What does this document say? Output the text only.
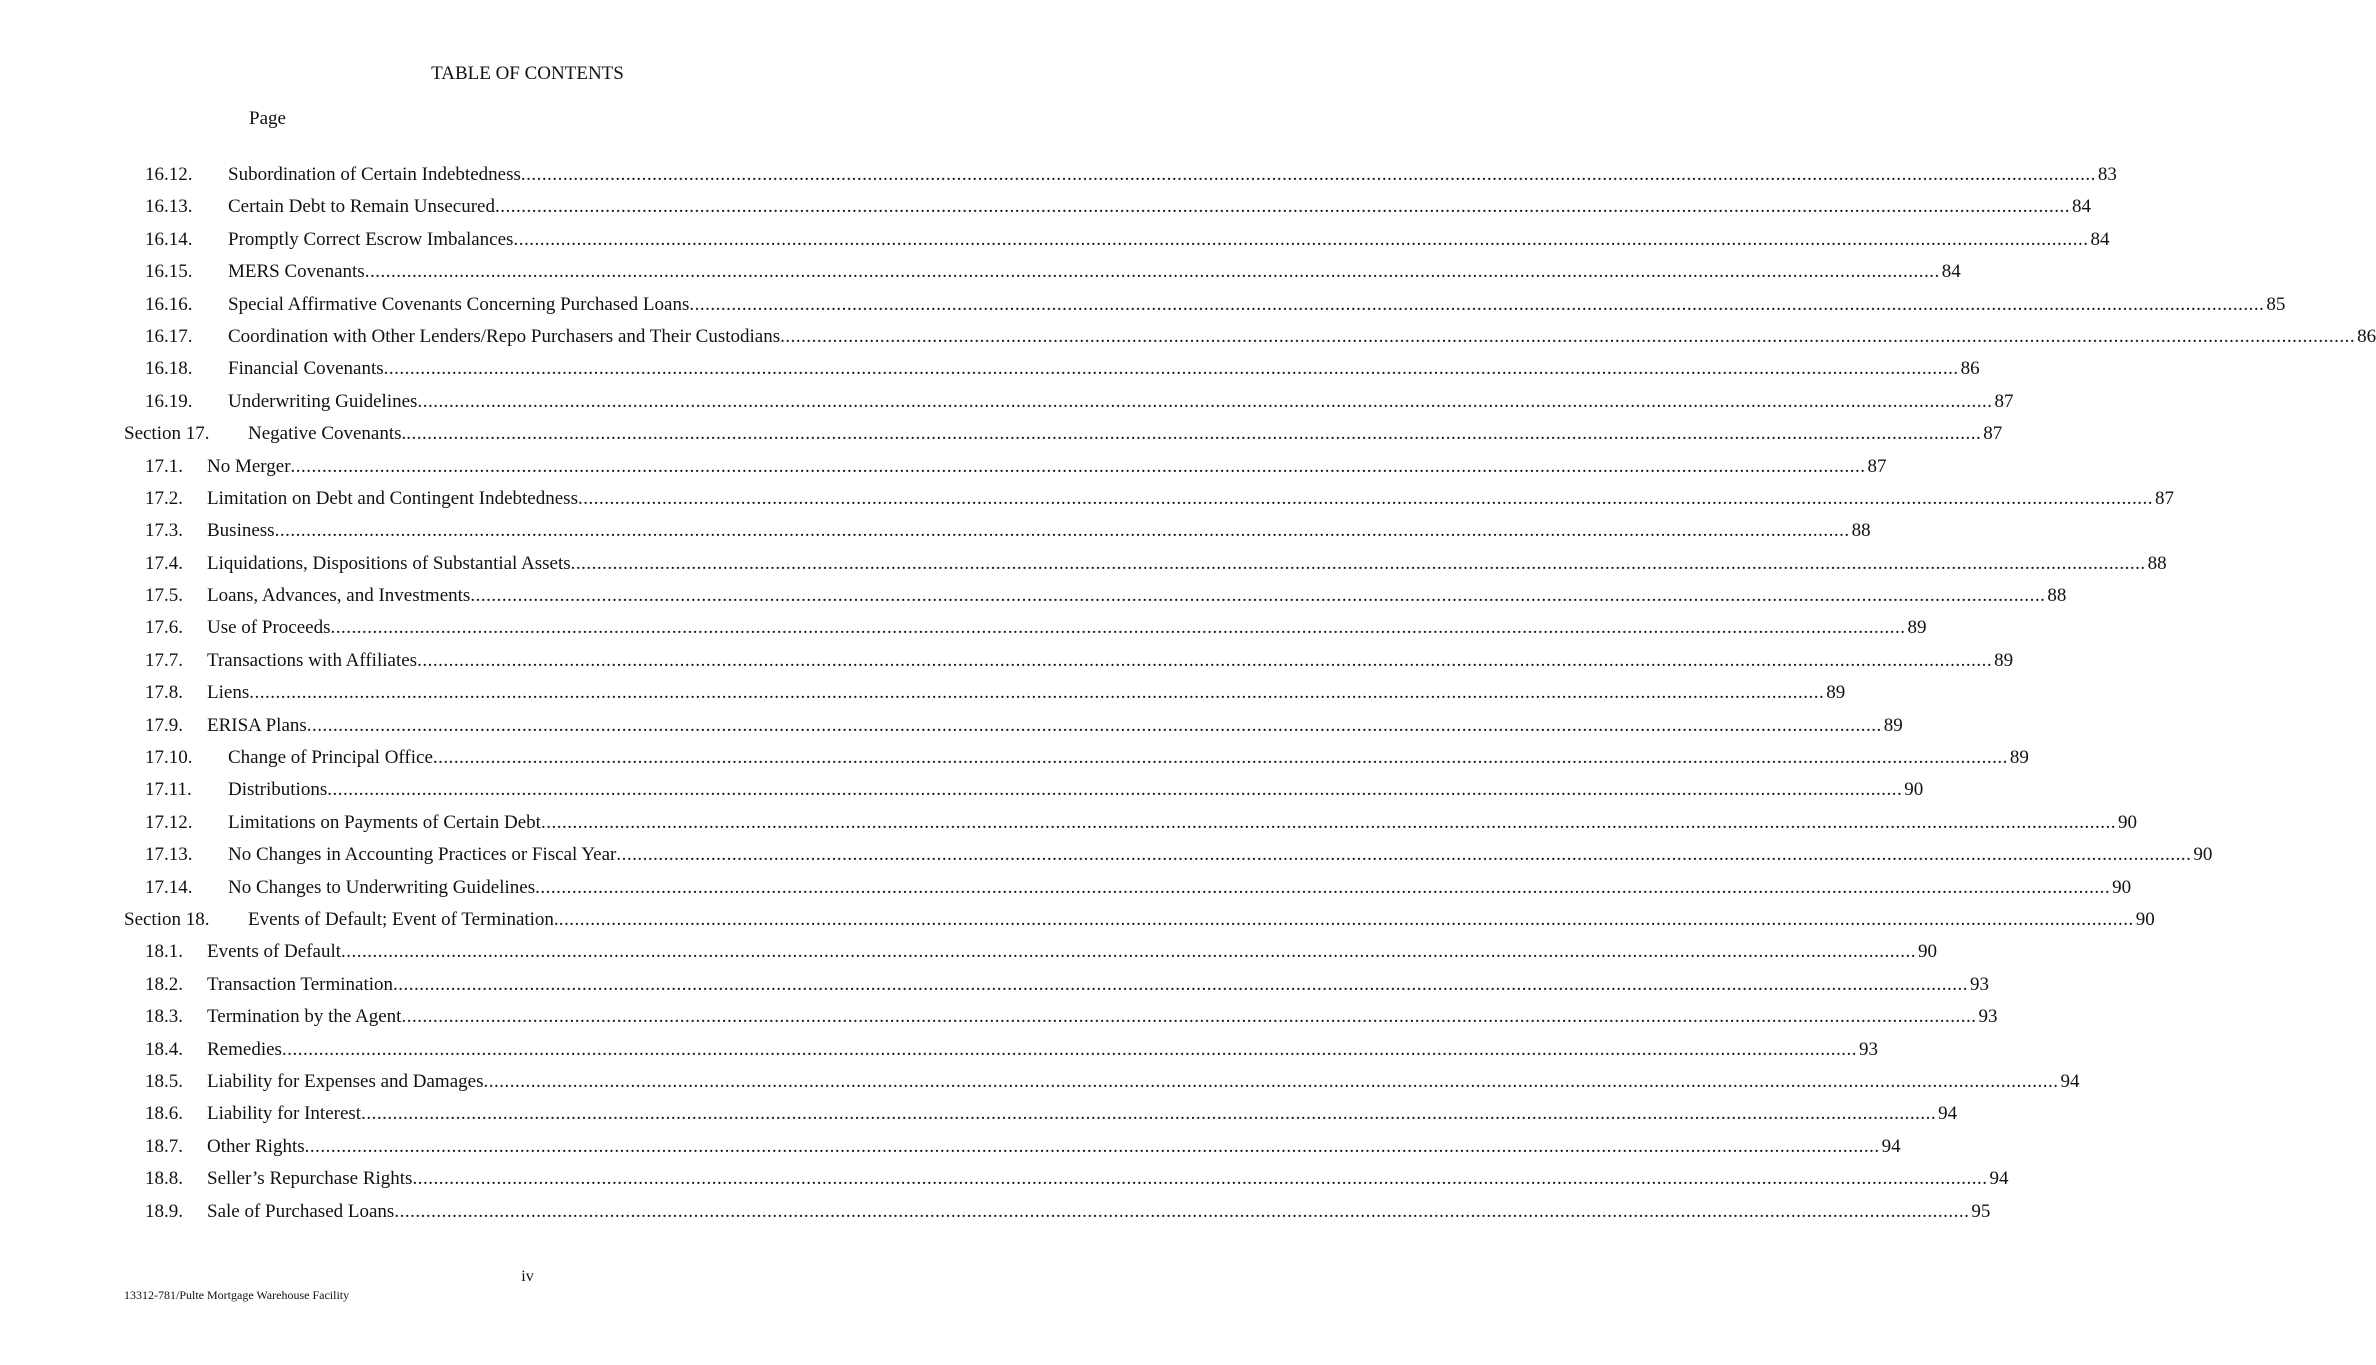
TABLE OF CONTENTS
Page
16.12. Subordination of Certain Indebtedness ............................................................................................................................................................................................................................................................................................................ 83
16.13. Certain Debt to Remain Unsecured ............................................................................................................................................................................................................................................................................................................ 84
16.14. Promptly Correct Escrow Imbalances ............................................................................................................................................................................................................................................................................................................ 84
16.15. MERS Covenants ............................................................................................................................................................................................................................................................................................................ 84
16.16. Special Affirmative Covenants Concerning Purchased Loans ............................................................................................................................................................................................................................................................................................................ 85
16.17. Coordination with Other Lenders/Repo Purchasers and Their Custodians ............................................................................................................................................................................................................................................................................................................ 86
16.18. Financial Covenants ............................................................................................................................................................................................................................................................................................................ 86
16.19. Underwriting Guidelines ............................................................................................................................................................................................................................................................................................................ 87
Section 17. Negative Covenants. ............................................................................................................................................................................................................................................................................................................ 87
17.1. No Merger ............................................................................................................................................................................................................................................................................................................ 87
17.2. Limitation on Debt and Contingent Indebtedness ............................................................................................................................................................................................................................................................................................................ 87
17.3. Business ............................................................................................................................................................................................................................................................................................................ 88
17.4. Liquidations, Dispositions of Substantial Assets ............................................................................................................................................................................................................................................................................................................ 88
17.5. Loans, Advances, and Investments ............................................................................................................................................................................................................................................................................................................ 88
17.6. Use of Proceeds ............................................................................................................................................................................................................................................................................................................ 89
17.7. Transactions with Affiliates ............................................................................................................................................................................................................................................................................................................ 89
17.8. Liens ............................................................................................................................................................................................................................................................................................................ 89
17.9. ERISA Plans ............................................................................................................................................................................................................................................................................................................ 89
17.10. Change of Principal Office ............................................................................................................................................................................................................................................................................................................ 89
17.11. Distributions ............................................................................................................................................................................................................................................................................................................ 90
17.12. Limitations on Payments of Certain Debt ............................................................................................................................................................................................................................................................................................................ 90
17.13. No Changes in Accounting Practices or Fiscal Year ............................................................................................................................................................................................................................................................................................................ 90
17.14. No Changes to Underwriting Guidelines ............................................................................................................................................................................................................................................................................................................ 90
Section 18. Events of Default; Event of Termination. ............................................................................................................................................................................................................................................................................................................ 90
18.1. Events of Default ............................................................................................................................................................................................................................................................................................................ 90
18.2. Transaction Termination ............................................................................................................................................................................................................................................................................................................ 93
18.3. Termination by the Agent ............................................................................................................................................................................................................................................................................................................ 93
18.4. Remedies ............................................................................................................................................................................................................................................................................................................ 93
18.5. Liability for Expenses and Damages ............................................................................................................................................................................................................................................................................................................ 94
18.6. Liability for Interest ............................................................................................................................................................................................................................................................................................................ 94
18.7. Other Rights ............................................................................................................................................................................................................................................................................................................ 94
18.8. Seller’s Repurchase Rights ............................................................................................................................................................................................................................................................................................................ 94
18.9. Sale of Purchased Loans ............................................................................................................................................................................................................................................................................................................ 95
iv
13312-781/Pulte Mortgage Warehouse Facility
